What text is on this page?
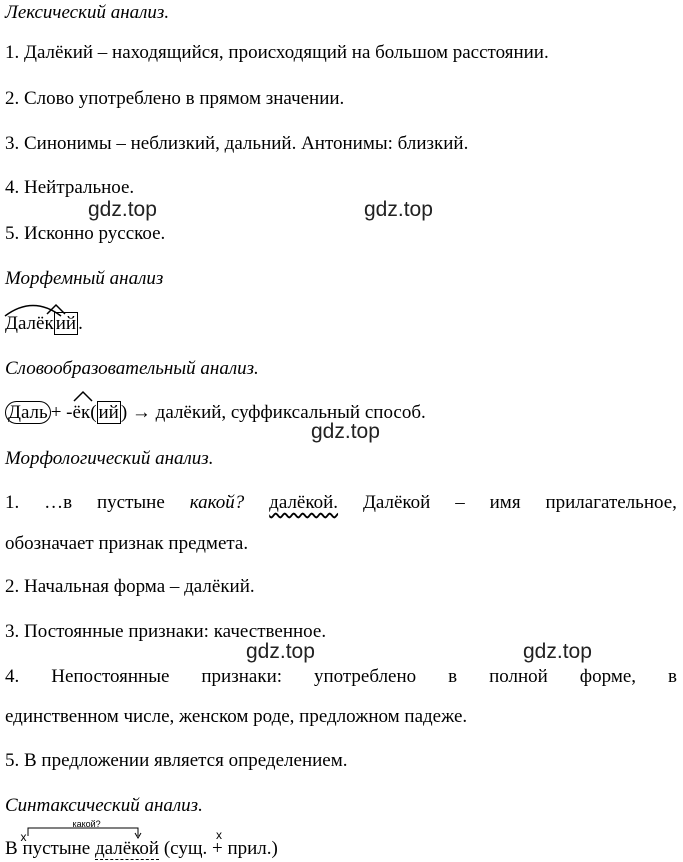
Лексический анализ.
1. Далёкий – находящийся, происходящий на большом расстоянии.
2. Слово употреблено в прямом значении.
3. Синонимы – неблизкий, дальний. Антонимы: близкий.
4. Нейтральное.
5. Исконно русское.
Морфемный анализ
Далёк ий .
Словообразовательный анализ.
Даль + -
ёк( ий ) → далёкий, суффиксальный способ.
Морфологический анализ.
1. …в пустыне какой? далёкой. Далёкой – имя прилагательное,
обозначает признак предмета.
2. Начальная форма – далёкий.
3. Постоянные признаки: качественное.
4. Непостоянные признаки: употреблено в полной форме, в
единственном числе, женском роде, предложном падеже.
5. В предложении является определением.
Синтаксический анализ.
В
х
какой?
пустыне далёкой (сущ. + прил.)
x
gdz.top	gdz.top
gdz.top
gdz.top	gdz.top
